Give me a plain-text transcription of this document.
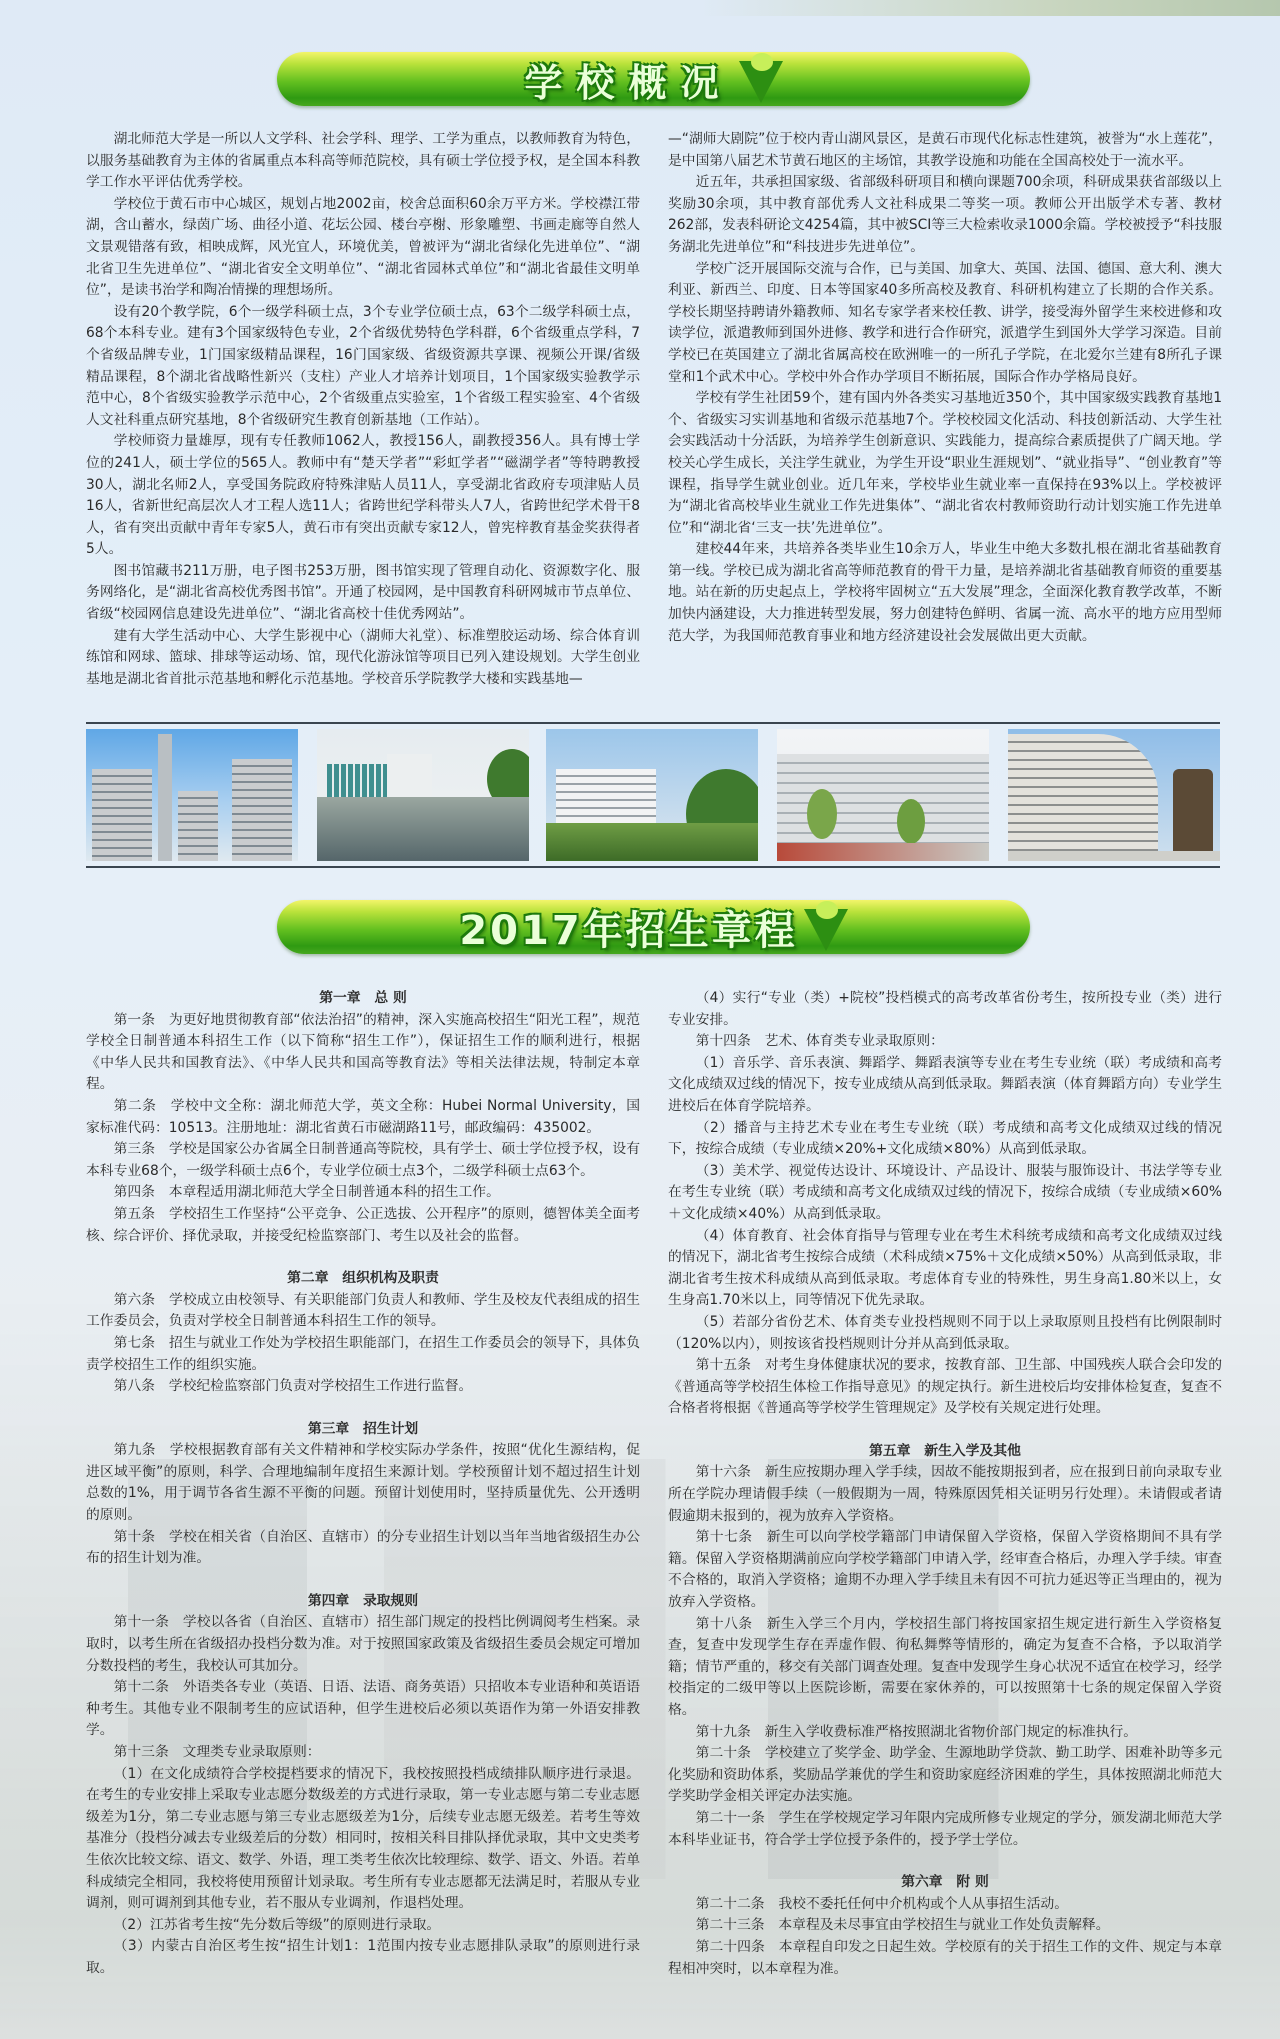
学校概况

湖北师范大学是一所以人文学科、社会学科、理学、工学为重点，以教师教育为特色，以服务基础教育为主体的省属重点本科高等师范院校，具有硕士学位授予权，是全国本科教学工作水平评估优秀学校。

学校位于黄石市中心城区，规划占地2002亩，校舍总面积60余万平方米。学校襟江带湖，含山蓄水，绿茵广场、曲径小道、花坛公园、楼台亭榭、形象雕塑、书画走廊等自然人文景观错落有致，相映成辉，风光宜人，环境优美，曾被评为“湖北省绿化先进单位”、“湖北省卫生先进单位”、“湖北省安全文明单位”、“湖北省园林式单位”和“湖北省最佳文明单位”，是读书治学和陶冶情操的理想场所。

设有20个教学院，6个一级学科硕士点，3个专业学位硕士点，63个二级学科硕士点，68个本科专业。建有3个国家级特色专业，2个省级优势特色学科群，6个省级重点学科，7个省级品牌专业，1门国家级精品课程，16门国家级、省级资源共享课、视频公开课/省级精品课程，8个湖北省战略性新兴（支柱）产业人才培养计划项目，1个国家级实验教学示范中心，8个省级实验教学示范中心，2个省级重点实验室，1个省级工程实验室、4个省级人文社科重点研究基地，8个省级研究生教育创新基地（工作站）。

学校师资力量雄厚，现有专任教师1062人，教授156人，副教授356人。具有博士学位的241人，硕士学位的565人。教师中有“楚天学者”“彩虹学者”“磁湖学者”等特聘教授30人，湖北名师2人，享受国务院政府特殊津贴人员11人，享受湖北省政府专项津贴人员16人，省新世纪高层次人才工程人选11人；省跨世纪学科带头人7人，省跨世纪学术骨干8人，省有突出贡献中青年专家5人，黄石市有突出贡献专家12人，曾宪梓教育基金奖获得者5人。

图书馆藏书211万册，电子图书253万册，图书馆实现了管理自动化、资源数字化、服务网络化，是“湖北省高校优秀图书馆”。开通了校园网，是中国教育科研网城市节点单位、省级“校园网信息建设先进单位”、“湖北省高校十佳优秀网站”。

建有大学生活动中心、大学生影视中心（湖师大礼堂）、标准塑胶运动场、综合体育训练馆和网球、篮球、排球等运动场、馆，现代化游泳馆等项目已列入建设规划。大学生创业基地是湖北省首批示范基地和孵化示范基地。学校音乐学院教学大楼和实践基地—

—“湖师大剧院”位于校内青山湖风景区，是黄石市现代化标志性建筑，被誉为“水上莲花”，是中国第八届艺术节黄石地区的主场馆，其教学设施和功能在全国高校处于一流水平。

近五年，共承担国家级、省部级科研项目和横向课题700余项，科研成果获省部级以上奖励30余项，其中教育部优秀人文社科成果二等奖一项。教师公开出版学术专著、教材262部，发表科研论文4254篇，其中被SCI等三大检索收录1000余篇。学校被授予“科技服务湖北先进单位”和“科技进步先进单位”。

学校广泛开展国际交流与合作，已与美国、加拿大、英国、法国、德国、意大利、澳大利亚、新西兰、印度、日本等国家40多所高校及教育、科研机构建立了长期的合作关系。学校长期坚持聘请外籍教师、知名专家学者来校任教、讲学，接受海外留学生来校进修和攻读学位，派遣教师到国外进修、教学和进行合作研究，派遣学生到国外大学学习深造。目前学校已在英国建立了湖北省属高校在欧洲唯一的一所孔子学院，在北爱尔兰建有8所孔子课堂和1个武术中心。学校中外合作办学项目不断拓展，国际合作办学格局良好。

学校有学生社团59个，建有国内外各类实习基地近350个，其中国家级实践教育基地1个、省级实习实训基地和省级示范基地7个。学校校园文化活动、科技创新活动、大学生社会实践活动十分活跃，为培养学生创新意识、实践能力，提高综合素质提供了广阔天地。学校关心学生成长，关注学生就业，为学生开设“职业生涯规划”、“就业指导”、“创业教育”等课程，指导学生就业创业。近几年来，学校毕业生就业率一直保持在93%以上。学校被评为“湖北省高校毕业生就业工作先进集体”、“湖北省农村教师资助行动计划实施工作先进单位”和“湖北省‘三支一扶’先进单位”。

建校44年来，共培养各类毕业生10余万人，毕业生中绝大多数扎根在湖北省基础教育第一线。学校已成为湖北省高等师范教育的骨干力量，是培养湖北省基础教育师资的重要基地。站在新的历史起点上，学校将牢固树立“五大发展”理念，全面深化教育教学改革，不断加快内涵建设，大力推进转型发展，努力创建特色鲜明、省属一流、高水平的地方应用型师范大学，为我国师范教育事业和地方经济建设社会发展做出更大贡献。

2017年招生章程
第一章　总 则

第一条　为更好地贯彻教育部“依法治招”的精神，深入实施高校招生“阳光工程”，规范学校全日制普通本科招生工作（以下简称“招生工作”），保证招生工作的顺利进行，根据《中华人民共和国教育法》、《中华人民共和国高等教育法》等相关法律法规，特制定本章程。

第二条　学校中文全称：湖北师范大学，英文全称：Hubei Normal University，国家标准代码：10513。注册地址：湖北省黄石市磁湖路11号，邮政编码：435002。

第三条　学校是国家公办省属全日制普通高等院校，具有学士、硕士学位授予权，设有本科专业68个，一级学科硕士点6个，专业学位硕士点3个，二级学科硕士点63个。

第四条　本章程适用湖北师范大学全日制普通本科的招生工作。

第五条　学校招生工作坚持“公平竞争、公正选拔、公开程序”的原则，德智体美全面考核、综合评价、择优录取，并接受纪检监察部门、考生以及社会的监督。

第二章　组织机构及职责

第六条　学校成立由校领导、有关职能部门负责人和教师、学生及校友代表组成的招生工作委员会，负责对学校全日制普通本科招生工作的领导。

第七条　招生与就业工作处为学校招生职能部门，在招生工作委员会的领导下，具体负责学校招生工作的组织实施。

第八条　学校纪检监察部门负责对学校招生工作进行监督。

第三章　招生计划

第九条　学校根据教育部有关文件精神和学校实际办学条件，按照“优化生源结构，促进区域平衡”的原则，科学、合理地编制年度招生来源计划。学校预留计划不超过招生计划总数的1%，用于调节各省生源不平衡的问题。预留计划使用时，坚持质量优先、公开透明的原则。

第十条　学校在相关省（自治区、直辖市）的分专业招生计划以当年当地省级招生办公布的招生计划为准。

第四章　录取规则

第十一条　学校以各省（自治区、直辖市）招生部门规定的投档比例调阅考生档案。录取时，以考生所在省级招办投档分数为准。对于按照国家政策及省级招生委员会规定可增加分数投档的考生，我校认可其加分。

第十二条　外语类各专业（英语、日语、法语、商务英语）只招收本专业语种和英语语种考生。其他专业不限制考生的应试语种，但学生进校后必须以英语作为第一外语安排教学。

第十三条　文理类专业录取原则：

（1）在文化成绩符合学校提档要求的情况下，我校按照投档成绩排队顺序进行录退。在考生的专业安排上采取专业志愿分数级差的方式进行录取，第一专业志愿与第二专业志愿级差为1分，第二专业志愿与第三专业志愿级差为1分，后续专业志愿无级差。若考生等效基准分（投档分减去专业级差后的分数）相同时，按相关科目排队择优录取，其中文史类考生依次比较文综、语文、数学、外语，理工类考生依次比较理综、数学、语文、外语。若单科成绩完全相同，我校将使用预留计划录取。考生所有专业志愿都无法满足时，若服从专业调剂，则可调剂到其他专业，若不服从专业调剂，作退档处理。

（2）江苏省考生按“先分数后等级”的原则进行录取。

（3）内蒙古自治区考生按“招生计划1：1范围内按专业志愿排队录取”的原则进行录取。

（4）实行“专业（类）+院校”投档模式的高考改革省份考生，按所投专业（类）进行专业安排。

第十四条　艺术、体育类专业录取原则：

（1）音乐学、音乐表演、舞蹈学、舞蹈表演等专业在考生专业统（联）考成绩和高考文化成绩双过线的情况下，按专业成绩从高到低录取。舞蹈表演（体育舞蹈方向）专业学生进校后在体育学院培养。

（2）播音与主持艺术专业在考生专业统（联）考成绩和高考文化成绩双过线的情况下，按综合成绩（专业成绩×20%+文化成绩×80%）从高到低录取。

（3）美术学、视觉传达设计、环境设计、产品设计、服装与服饰设计、书法学等专业在考生专业统（联）考成绩和高考文化成绩双过线的情况下，按综合成绩（专业成绩×60%＋文化成绩×40%）从高到低录取。

（4）体育教育、社会体育指导与管理专业在考生术科统考成绩和高考文化成绩双过线的情况下，湖北省考生按综合成绩（术科成绩×75%＋文化成绩×50%）从高到低录取，非湖北省考生按术科成绩从高到低录取。考虑体育专业的特殊性，男生身高1.80米以上，女生身高1.70米以上，同等情况下优先录取。

（5）若部分省份艺术、体育类专业投档规则不同于以上录取原则且投档有比例限制时（120%以内），则按该省投档规则计分并从高到低录取。

第十五条　对考生身体健康状况的要求，按教育部、卫生部、中国残疾人联合会印发的《普通高等学校招生体检工作指导意见》的规定执行。新生进校后均安排体检复查，复查不合格者将根据《普通高等学校学生管理规定》及学校有关规定进行处理。

第五章　新生入学及其他

第十六条　新生应按期办理入学手续，因故不能按期报到者，应在报到日前向录取专业所在学院办理请假手续（一般假期为一周，特殊原因凭相关证明另行处理）。未请假或者请假逾期未报到的，视为放弃入学资格。

第十七条　新生可以向学校学籍部门申请保留入学资格，保留入学资格期间不具有学籍。保留入学资格期满前应向学校学籍部门申请入学，经审查合格后，办理入学手续。审查不合格的，取消入学资格；逾期不办理入学手续且未有因不可抗力延迟等正当理由的，视为放弃入学资格。

第十八条　新生入学三个月内，学校招生部门将按国家招生规定进行新生入学资格复查，复查中发现学生存在弄虚作假、徇私舞弊等情形的，确定为复查不合格，予以取消学籍；情节严重的，移交有关部门调查处理。复查中发现学生身心状况不适宜在校学习，经学校指定的二级甲等以上医院诊断，需要在家休养的，可以按照第十七条的规定保留入学资格。

第十九条　新生入学收费标准严格按照湖北省物价部门规定的标准执行。

第二十条　学校建立了奖学金、助学金、生源地助学贷款、勤工助学、困难补助等多元化奖励和资助体系，奖励品学兼优的学生和资助家庭经济困难的学生，具体按照湖北师范大学奖助学金相关评定办法实施。

第二十一条　学生在学校规定学习年限内完成所修专业规定的学分，颁发湖北师范大学本科毕业证书，符合学士学位授予条件的，授予学士学位。

第六章　附 则

第二十二条　我校不委托任何中介机构或个人从事招生活动。

第二十三条　本章程及未尽事宜由学校招生与就业工作处负责解释。

第二十四条　本章程自印发之日起生效。学校原有的关于招生工作的文件、规定与本章程相冲突时，以本章程为准。
